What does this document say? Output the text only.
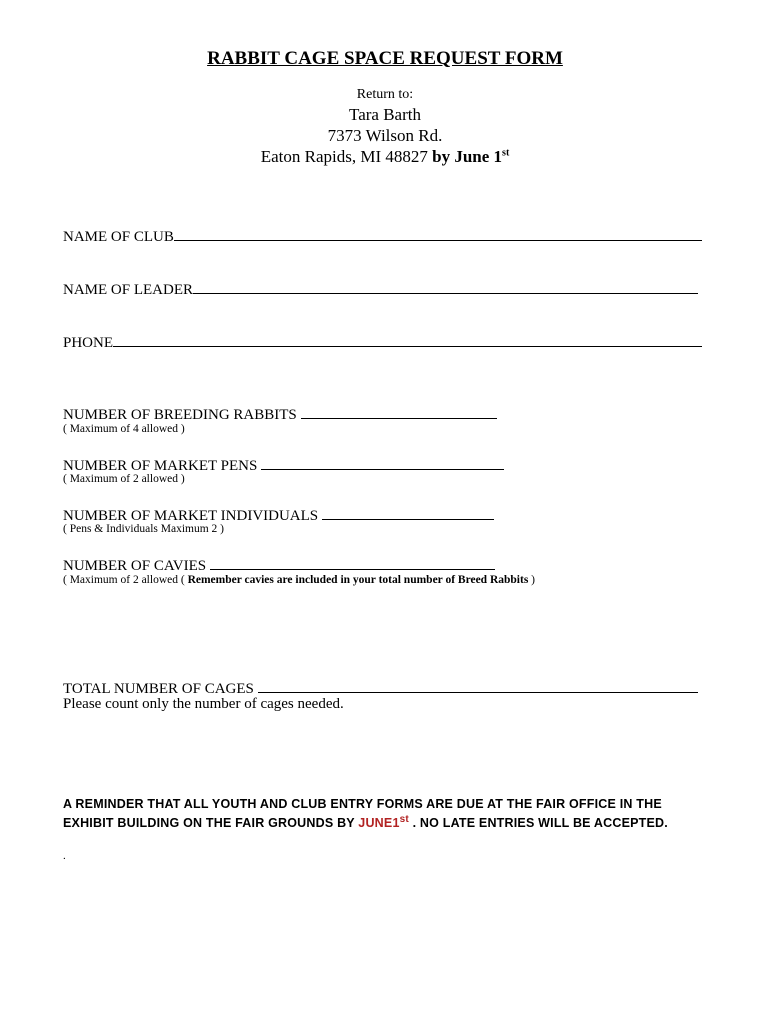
RABBIT CAGE SPACE REQUEST FORM
Return to:
Tara Barth
7373 Wilson Rd.
Eaton Rapids, MI 48827 by June 1st
NAME OF CLUB
NAME OF LEADER
PHONE
NUMBER OF BREEDING RABBITS
( Maximum of 4 allowed )
NUMBER OF MARKET PENS
( Maximum of 2 allowed )
NUMBER OF MARKET INDIVIDUALS
( Pens & Individuals Maximum 2 )
NUMBER OF CAVIES
( Maximum of 2 allowed ( Remember cavies are included in your total number of Breed Rabbits )
TOTAL NUMBER OF CAGES
Please count only the number of cages needed.
A REMINDER THAT ALL YOUTH AND CLUB ENTRY FORMS ARE DUE AT THE FAIR OFFICE IN THE EXHIBIT BUILDING ON THE FAIR GROUNDS BY JUNE1st . NO LATE ENTRIES WILL BE ACCEPTED.
.
